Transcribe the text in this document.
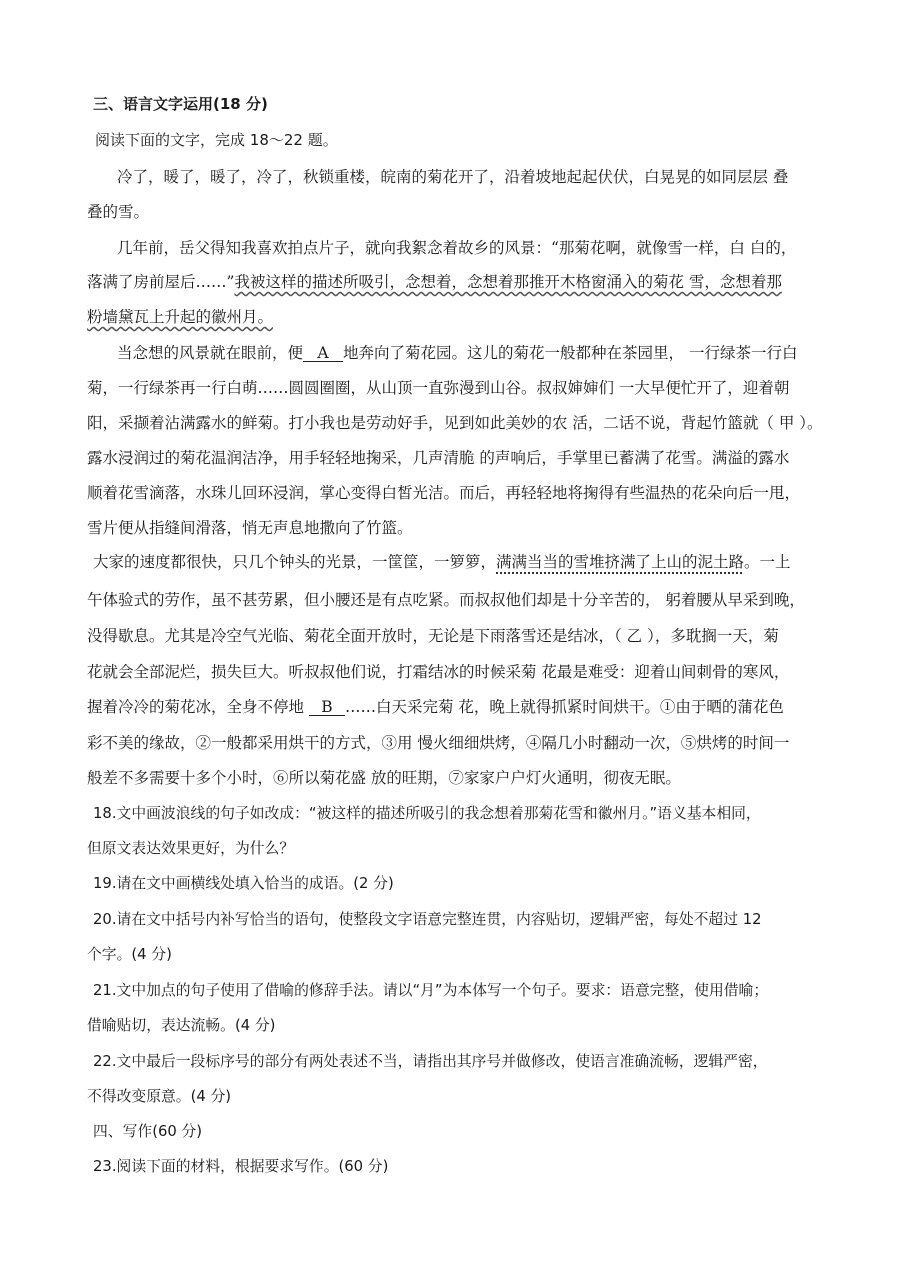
三、语言文字运用(18 分)
阅读下面的文字，完成 18～22 题。
冷了，暖了，暖了，冷了，秋锁重楼，皖南的菊花开了，沿着坡地起起伏伏，白晃晃的如同层层 叠
叠的雪。
几年前，岳父得知我喜欢拍点片子，就向我絮念着故乡的风景：“那菊花啊，就像雪一样，白 白的，
落满了房前屋后……”我被这样的描述所吸引，念想着，念想着那推开木格窗涌入的菊花 雪，念想着那
粉墙黛瓦上升起的徽州月。
当念想的风景就在眼前，便 A 地奔向了菊花园。这儿的菊花一般都种在茶园里， 一行绿茶一行白
菊，一行绿茶再一行白萌……圆圆圈圈，从山顶一直弥漫到山谷。叔叔婶婶们 一大早便忙开了，迎着朝
阳，采撷着沾满露水的鲜菊。打小我也是劳动好手，见到如此美妙的农 活，二话不说，背起竹篮就（ 甲 ）。
露水浸润过的菊花温润洁净，用手轻轻地掬采，几声清脆 的声响后，手掌里已蓄满了花雪。满溢的露水
顺着花雪滴落，水珠儿回环浸润，掌心变得白皙光洁。而后，再轻轻地将掬得有些温热的花朵向后一甩，
雪片便从指缝间滑落，悄无声息地撒向了竹篮。
大家的速度都很快，只几个钟头的光景，一筐筐，一箩箩，满满当当的雪堆挤满了上山的泥土路。一上
午体验式的劳作，虽不甚劳累，但小腰还是有点吃紧。而叔叔他们却是十分辛苦的， 躬着腰从早采到晚，
没得歇息。尤其是冷空气光临、菊花全面开放时，无论是下雨落雪还是结冰，（ 乙 ），多耽搁一天，菊
花就会全部泥烂，损失巨大。听叔叔他们说，打霜结冰的时候采菊 花最是难受：迎着山间刺骨的寒风，
握着冷冷的菊花冰，全身不停地 B ……白天采完菊 花，晚上就得抓紧时间烘干。①由于晒的蒲花色
彩不美的缘故，②一般都采用烘干的方式，③用 慢火细细烘烤，④隔几小时翻动一次，⑤烘烤的时间一
般差不多需要十多个小时，⑥所以菊花盛 放的旺期，⑦家家户户灯火通明，彻夜无眠。
18.文中画波浪线的句子如改成：“被这样的描述所吸引的我念想着那菊花雪和徽州月。”语义基本相同，
但原文表达效果更好，为什么？
19.请在文中画横线处填入恰当的成语。(2 分)
20.请在文中括号内补写恰当的语句，使整段文字语意完整连贯，内容贴切，逻辑严密，每处不超过 12
个字。(4 分)
21.文中加点的句子使用了借喻的修辞手法。请以“月”为本体写一个句子。要求：语意完整，使用借喻；
借喻贴切，表达流畅。(4 分)
22.文中最后一段标序号的部分有两处表述不当，请指出其序号并做修改，使语言准确流畅，逻辑严密，
不得改变原意。(4 分)
四、写作(60 分)
23.阅读下面的材料，根据要求写作。(60 分)
